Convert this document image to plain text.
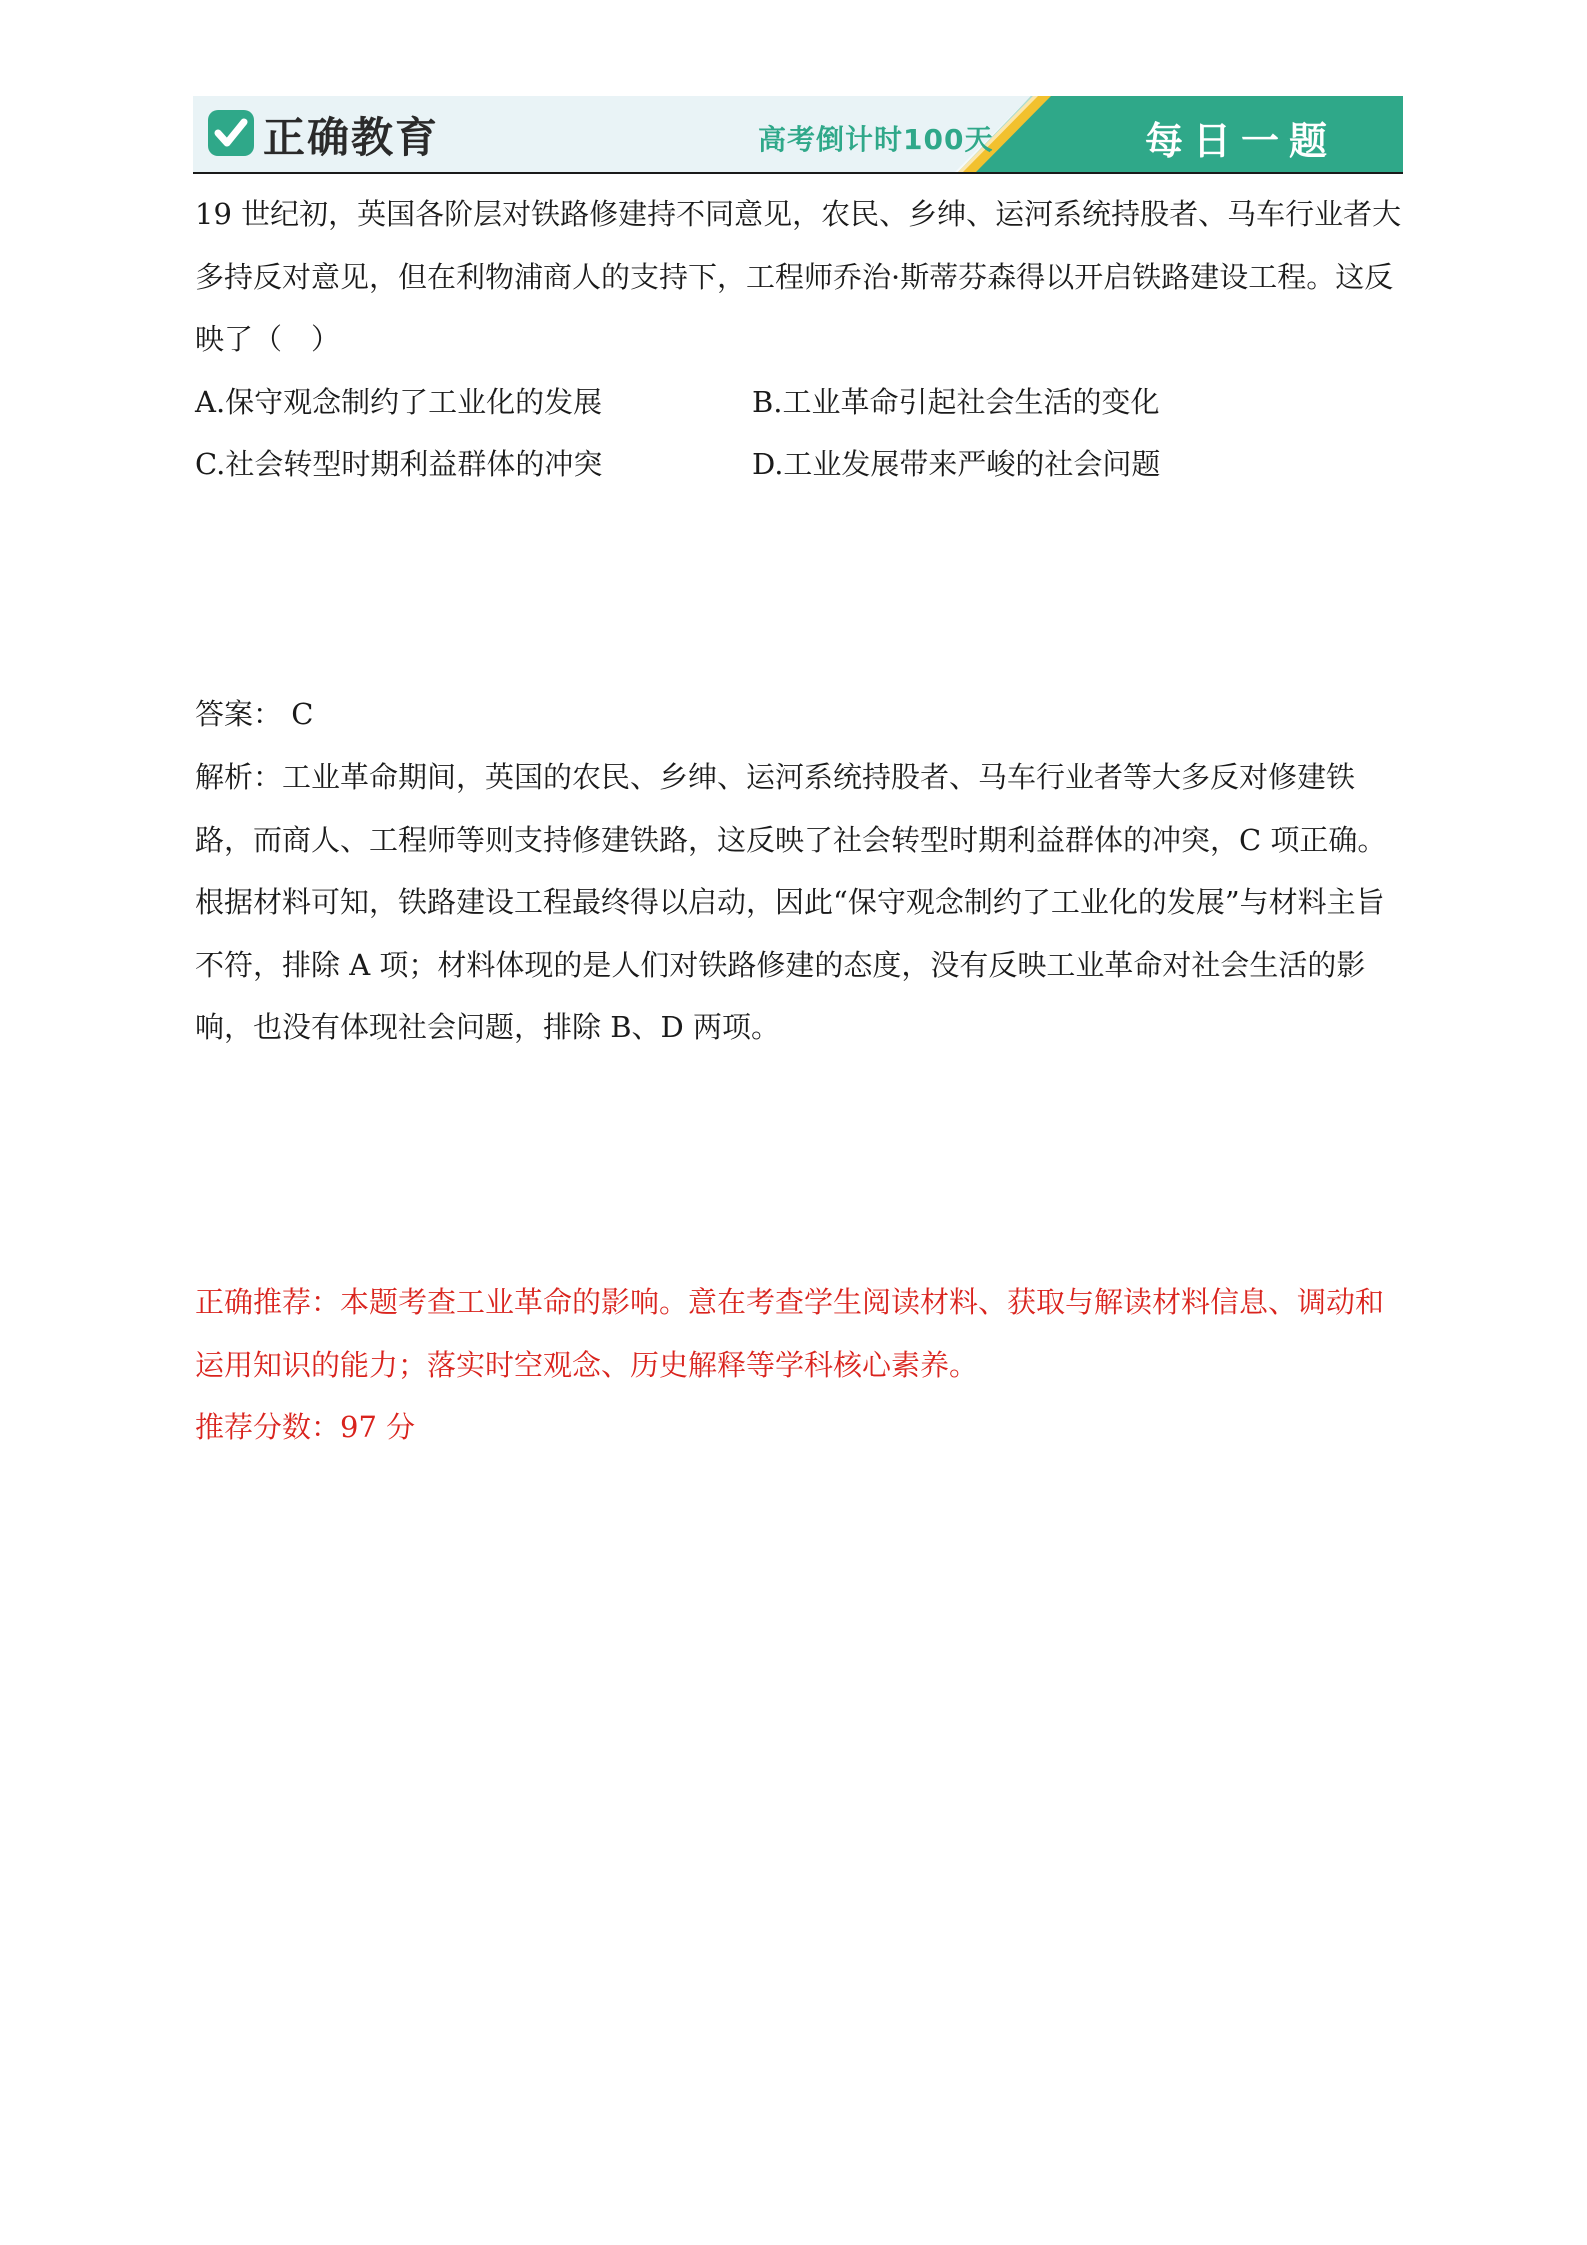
正确教育	高考倒计时100天	每日一题

19 世纪初，英国各阶层对铁路修建持不同意见，农民、乡绅、运河系统持股者、马车行业者大多持反对意见，但在利物浦商人的支持下，工程师乔治·斯蒂芬森得以开启铁路建设工程。这反映了（　）

A.保守观念制约了工业化的发展	B.工业革命引起社会生活的变化
C.社会转型时期利益群体的冲突	D.工业发展带来严峻的社会问题

答案： C

解析：工业革命期间，英国的农民、乡绅、运河系统持股者、马车行业者等大多反对修建铁路，而商人、工程师等则支持修建铁路，这反映了社会转型时期利益群体的冲突，C 项正确。根据材料可知，铁路建设工程最终得以启动，因此“保守观念制约了工业化的发展”与材料主旨不符，排除 A 项；材料体现的是人们对铁路修建的态度，没有反映工业革命对社会生活的影响，也没有体现社会问题，排除 B、D 两项。

正确推荐：本题考查工业革命的影响。意在考查学生阅读材料、获取与解读材料信息、调动和运用知识的能力；落实时空观念、历史解释等学科核心素养。

推荐分数：97 分
